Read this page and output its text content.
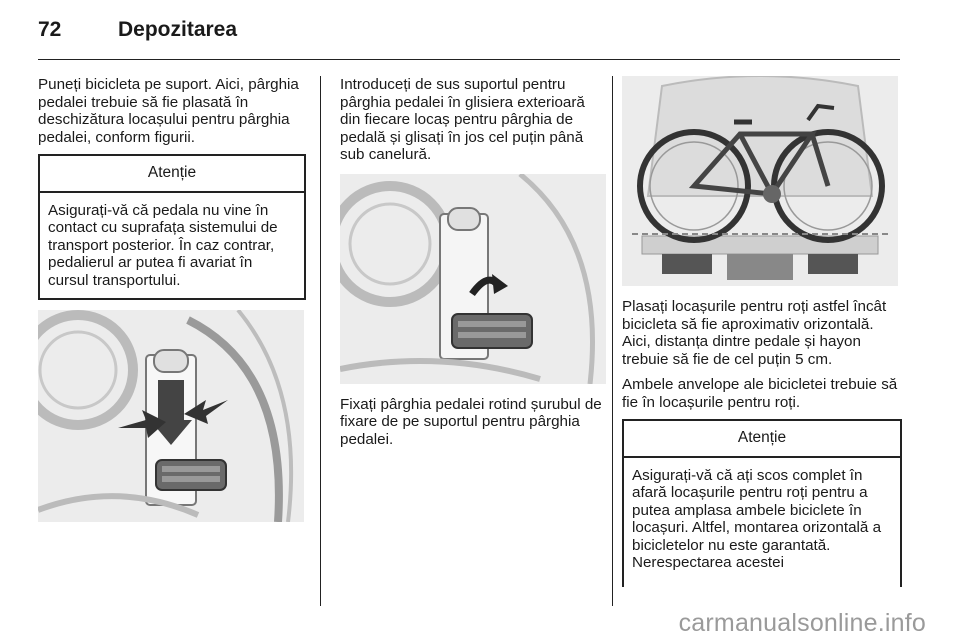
72	Depozitarea

Puneți bicicleta pe suport. Aici, pârghia pedalei trebuie să fie plasată în deschizătura locașului pentru pârghia pedalei, conform figurii.

Atenție
Asigurați-vă că pedala nu vine în contact cu suprafața sistemului de transport posterior. În caz contrar, pedalierul ar putea fi avariat în cursul transportului.

Introduceți de sus suportul pentru pârghia pedalei în glisiera exterioară din fiecare locaș pentru pârghia de pedală și glisați în jos cel puțin până sub canelură.

Fixați pârghia pedalei rotind șurubul de fixare de pe suportul pentru pârghia pedalei.

Plasați locașurile pentru roți astfel încât bicicleta să fie aproximativ orizontală. Aici, distanța dintre pedale și hayon trebuie să fie de cel puțin 5 cm.

Ambele anvelope ale bicicletei trebuie să fie în locașurile pentru roți.

Atenție
Asigurați-vă că ați scos complet în afară locașurile pentru roți pentru a putea amplasa ambele biciclete în locașuri. Altfel, montarea orizontală a bicicletelor nu este garantată. Nerespectarea acestei
carmanualsonline.info
